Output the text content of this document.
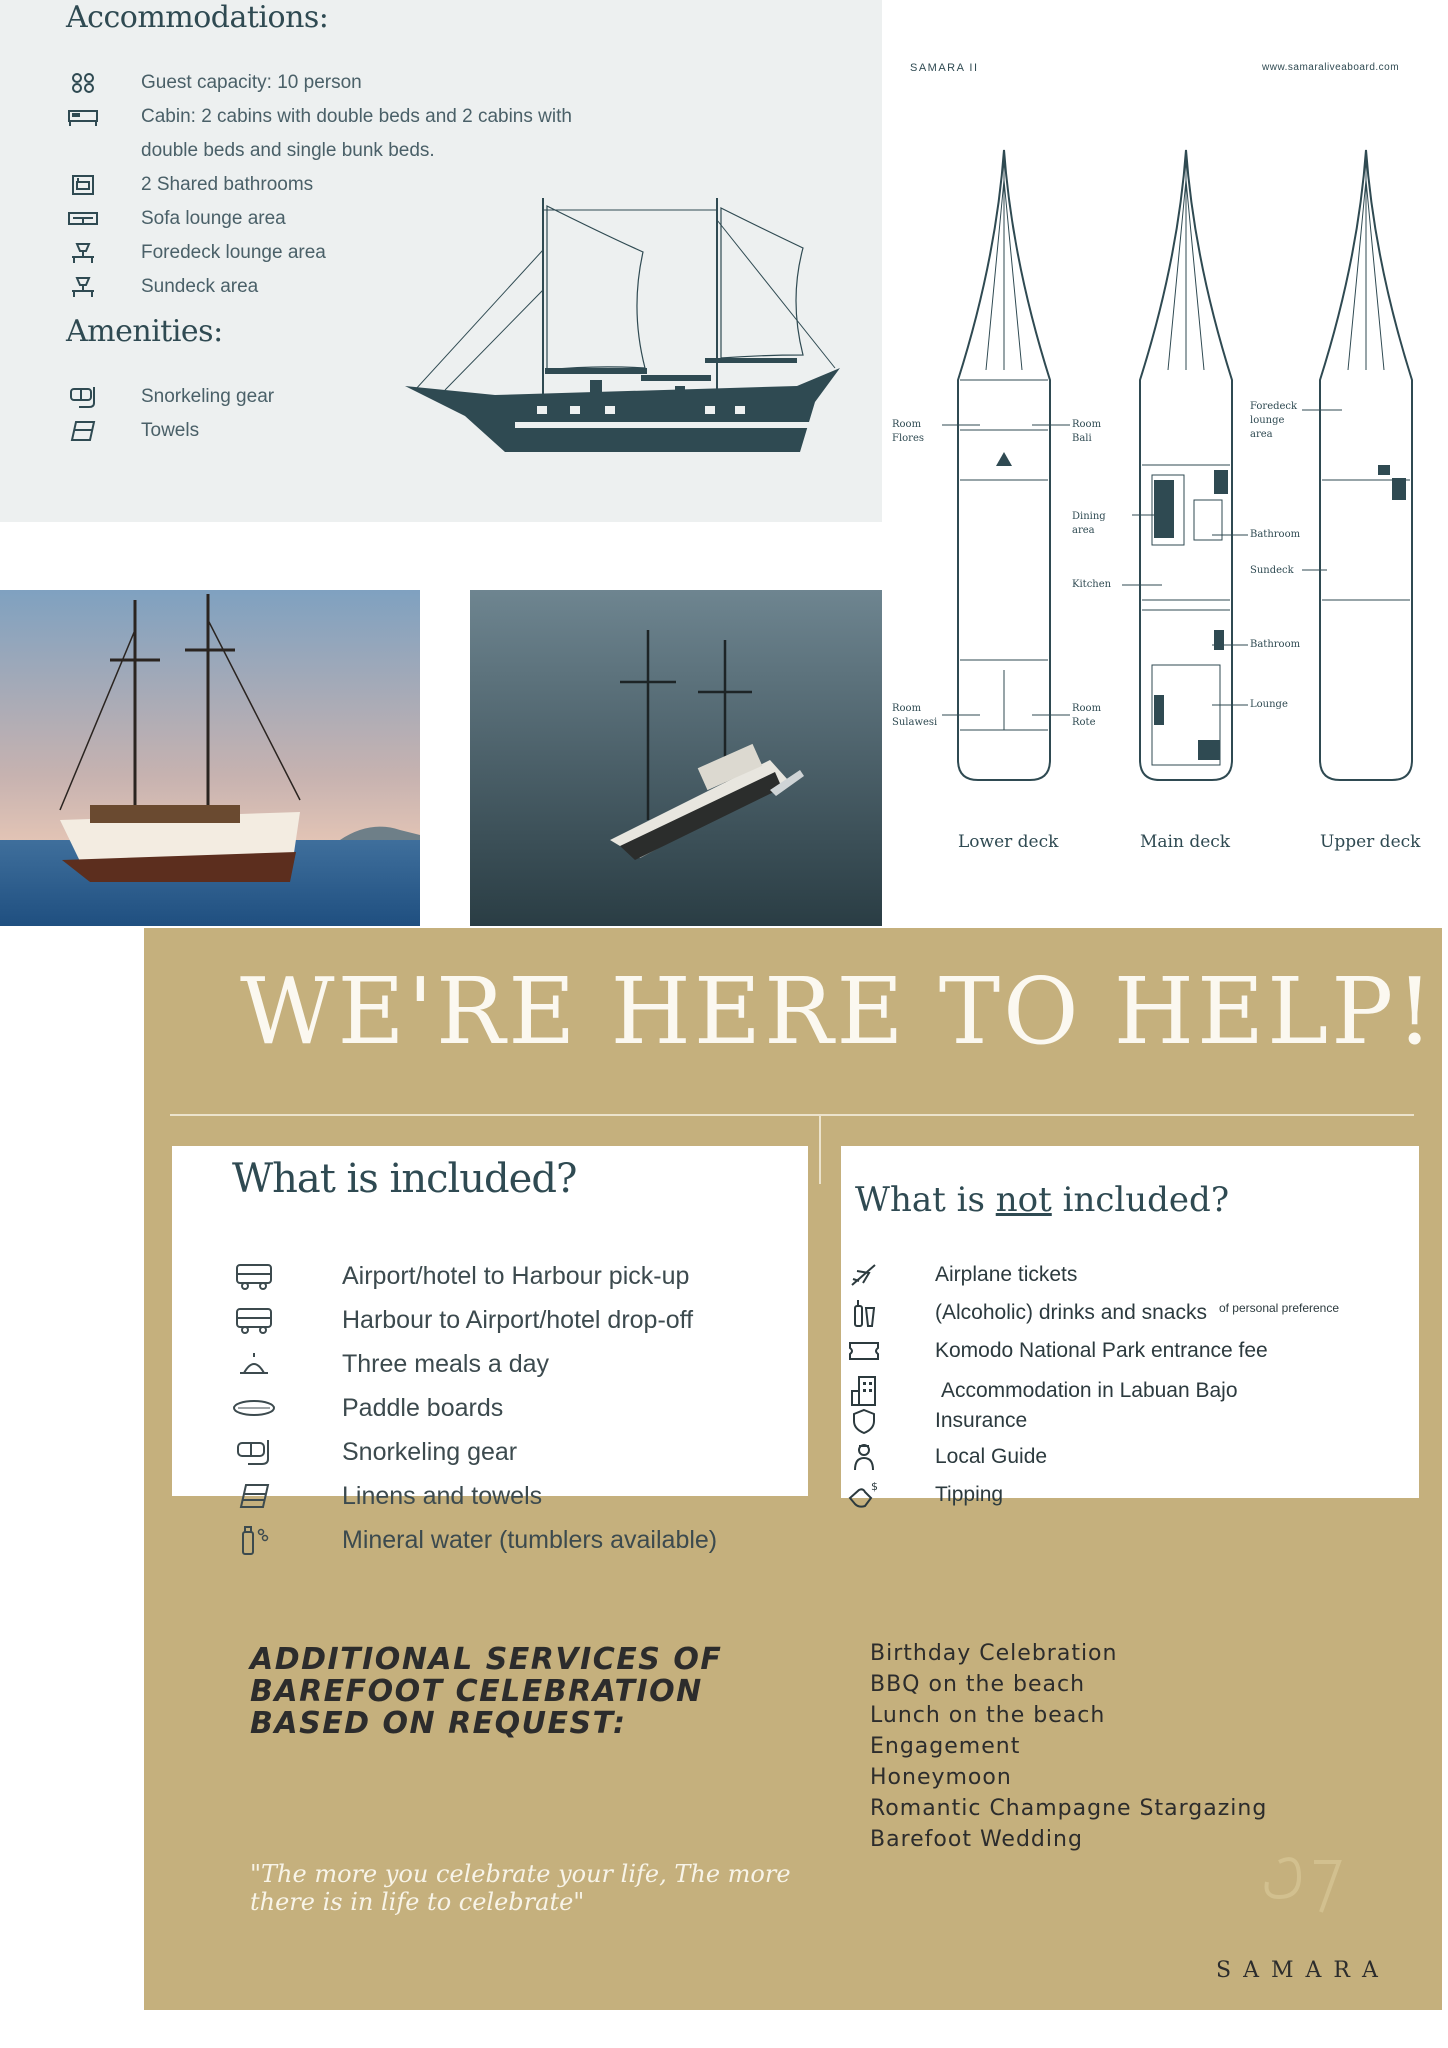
Accommodations:
Guest capacity: 10 person
Cabin: 2 cabins with double beds and 2 cabins with
double beds and single bunk beds.
2 Shared bathrooms
Sofa lounge area
Foredeck lounge area
Sundeck area
Amenities:
Snorkeling gear
Towels
SAMARA II	www.samaraliveaboard.com
Room
Flores
Room
Bali
Dining
area
Kitchen
Room
Sulawesi
Room
Rote
Foredeck
lounge
area
Bathroom
Sundeck
Bathroom
Lounge
Lower deck	Main deck	Upper deck
WE'RE HERE TO HELP!
What is included?
Airport/hotel to Harbour pick-up
Harbour to Airport/hotel drop-off
Three meals a day
Paddle boards
Snorkeling gear
Linens and towels
Mineral water (tumblers available)
What is not included?
Airplane tickets
(Alcoholic) drinks and snacks $^{of personal preference}$
Komodo National Park entrance fee
Accommodation in Labuan Bajo
Insurance
Local Guide
$	Tipping
ADDITIONAL SERVICES OF
BAREFOOT CELEBRATION
BASED ON REQUEST:
Birthday Celebration
BBQ on the beach
Lunch on the beach
Engagement
Honeymoon
Romantic Champagne Stargazing
Barefoot Wedding
"The more you celebrate your life, The more
there is in life to celebrate"
SAMARA
